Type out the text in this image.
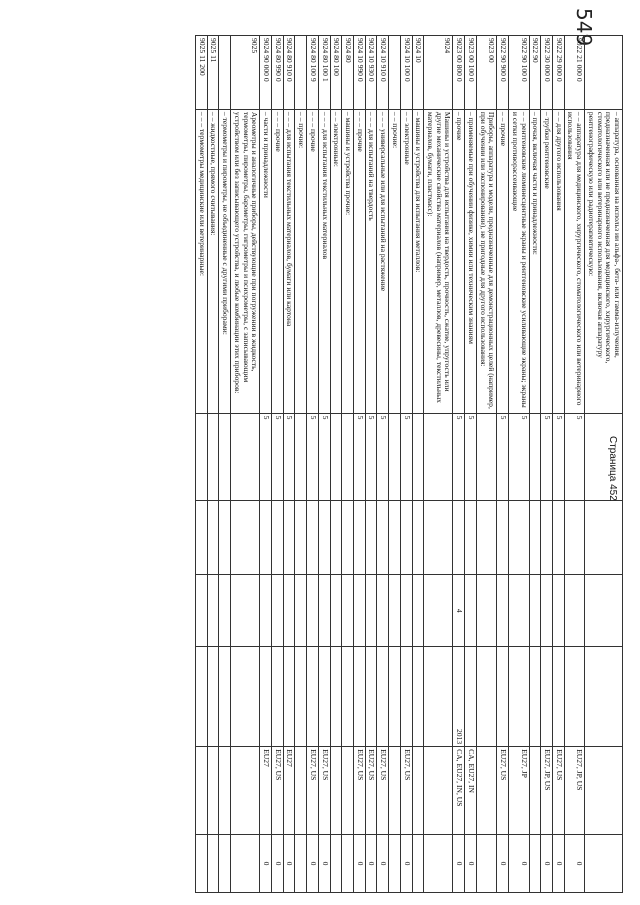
549
	– аппаратура, основанная на использ ии альфа-, бета- или гамма-излучения, предназначенная или не предназначенная для медицинского, хирургического, стоматологического или ветеринарного использования, включая аппаратуру рентгенографическую или радиотерапевтическую:						
9022 21 000 0	– – аппаратура для медицинского, хирургического, стоматологического или ветеринарного использования	5				EU27, JP, US	0
9022 29 000 0	– – для другого использования	5				EU27, US	0
9022 30 000 0	– трубки рентгеновские	5				EU27, JP, US	0
9022 90	– прочая, включая части и принадлежности:						
9022 90 100 0	– – рентгеновские люминесцентные экраны и рентгеновские усиливающие экраны; экраны и сетки противорассеивающие	5				EU27, JP	0
9022 90 900 0	– – прочие	5				EU27, US	0
9023 00	Приборы, аппаратура и модели, предназначенные для демонстрационных целей (например, при обучении или экспонировании), не пригодные для другого использования:						
9023 00 100 0	– применяемые при обучении физике, химии или техническим знаниям	5				CA, EU27, IN	0
9023 00 800 0	– прочие	5		4	2013	CA, EU27, IN, US	0
9024	Машины и устройства для испытания на твердость, прочность, сжатие, упругость или другие механические свойства материалов (например, металлов, древесины, текстильных материалов, бумаги, пластмасс):						
9024 10	– машины и устройства для испытания металлов:						
9024 10 100 0	– – электронные	5				EU27, US	0
	– – прочие:						
9024 10 910 0	– – – универсальные или для испытаний на растяжение	5				EU27, US	0
9024 10 930 0	– – – для испытаний на твердость	5				EU27, US	0
9024 10 990 0	– – – прочие	5				EU27, US	0
9024 80	– машины и устройства прочие:						
9024 80 100	– – электронные:						
9024 80 100 1	– – – для испытания текстильных материалов	5				EU27, US	0
9024 80 100 9	– – – прочие	5				EU27, US	0
	– – прочие:						
9024 80 910 0	– – – для испытания текстильных материалов, бумаги или картона	5				EU27	0
9024 80 990 0	– – – прочие	5				EU27, US	0
9024 90 000 0	– части и принадлежности	5				EU27	0
9025	Ареометры и аналогичные приборы, действующие при погружении в жидкость, термометры, пирометры, барометры, гигрометры и психрометры, с записывающим устройством или без записывающего устройства, и любые комбинации этих приборов:						
	– термометры и пирометры, не объединенные с другими приборами:						
9025 11	– – жидкостные, прямого считывания:						
9025 11 200	– – – термометры медицинские или ветеринарные:						
Страница 452
